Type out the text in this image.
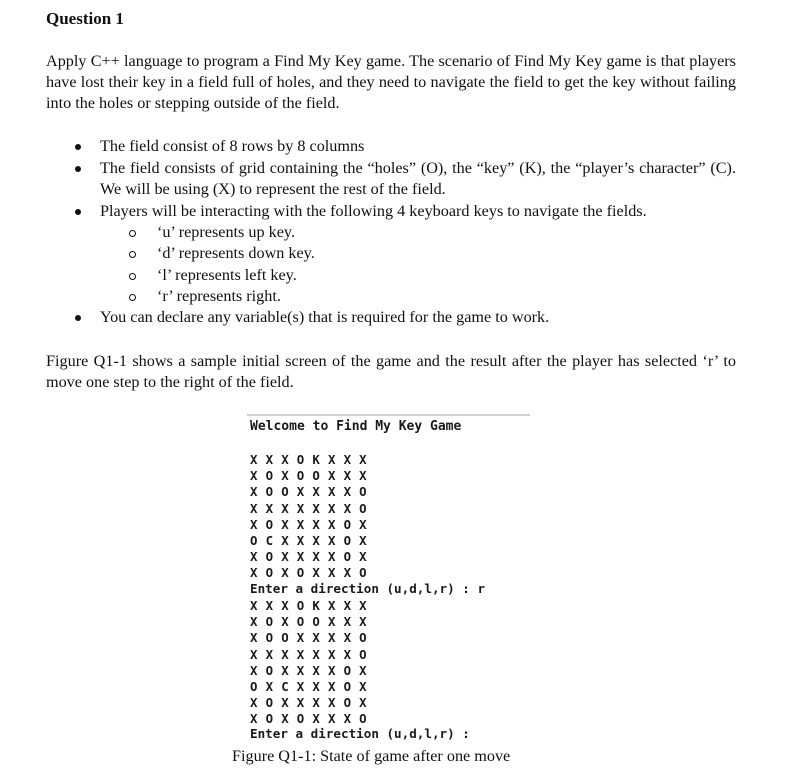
Question 1
Apply C++ language to program a Find My Key game. The scenario of Find My Key game is that players have lost their key in a field full of holes, and they need to navigate the field to get the key without failing into the holes or stepping outside of the field.
The field consist of 8 rows by 8 columns
The field consists of grid containing the “holes” (O), the “key” (K), the “player’s character” (C). We will be using (X) to represent the rest of the field.
Players will be interacting with the following 4 keyboard keys to navigate the fields.
‘u’ represents up key.
‘d’ represents down key.
‘l’ represents left key.
‘r’ represents right.
You can declare any variable(s) that is required for the game to work.
Figure Q1-1 shows a sample initial screen of the game and the result after the player has selected ‘r’ to move one step to the right of the field.
Welcome to Find My Key Game
X X X O K X X X
X O X O O X X X
X O O X X X X O
X X X X X X X O
X O X X X X O X
O C X X X X O X
X O X X X X O X
X O X O X X X O
Enter a direction (u,d,l,r) : r
X X X O K X X X
X O X O O X X X
X O O X X X X O
X X X X X X X O
X O X X X X O X
O X C X X X O X
X O X X X X O X
X O X O X X X O
Enter a direction (u,d,l,r) :
Figure Q1-1: State of game after one move
